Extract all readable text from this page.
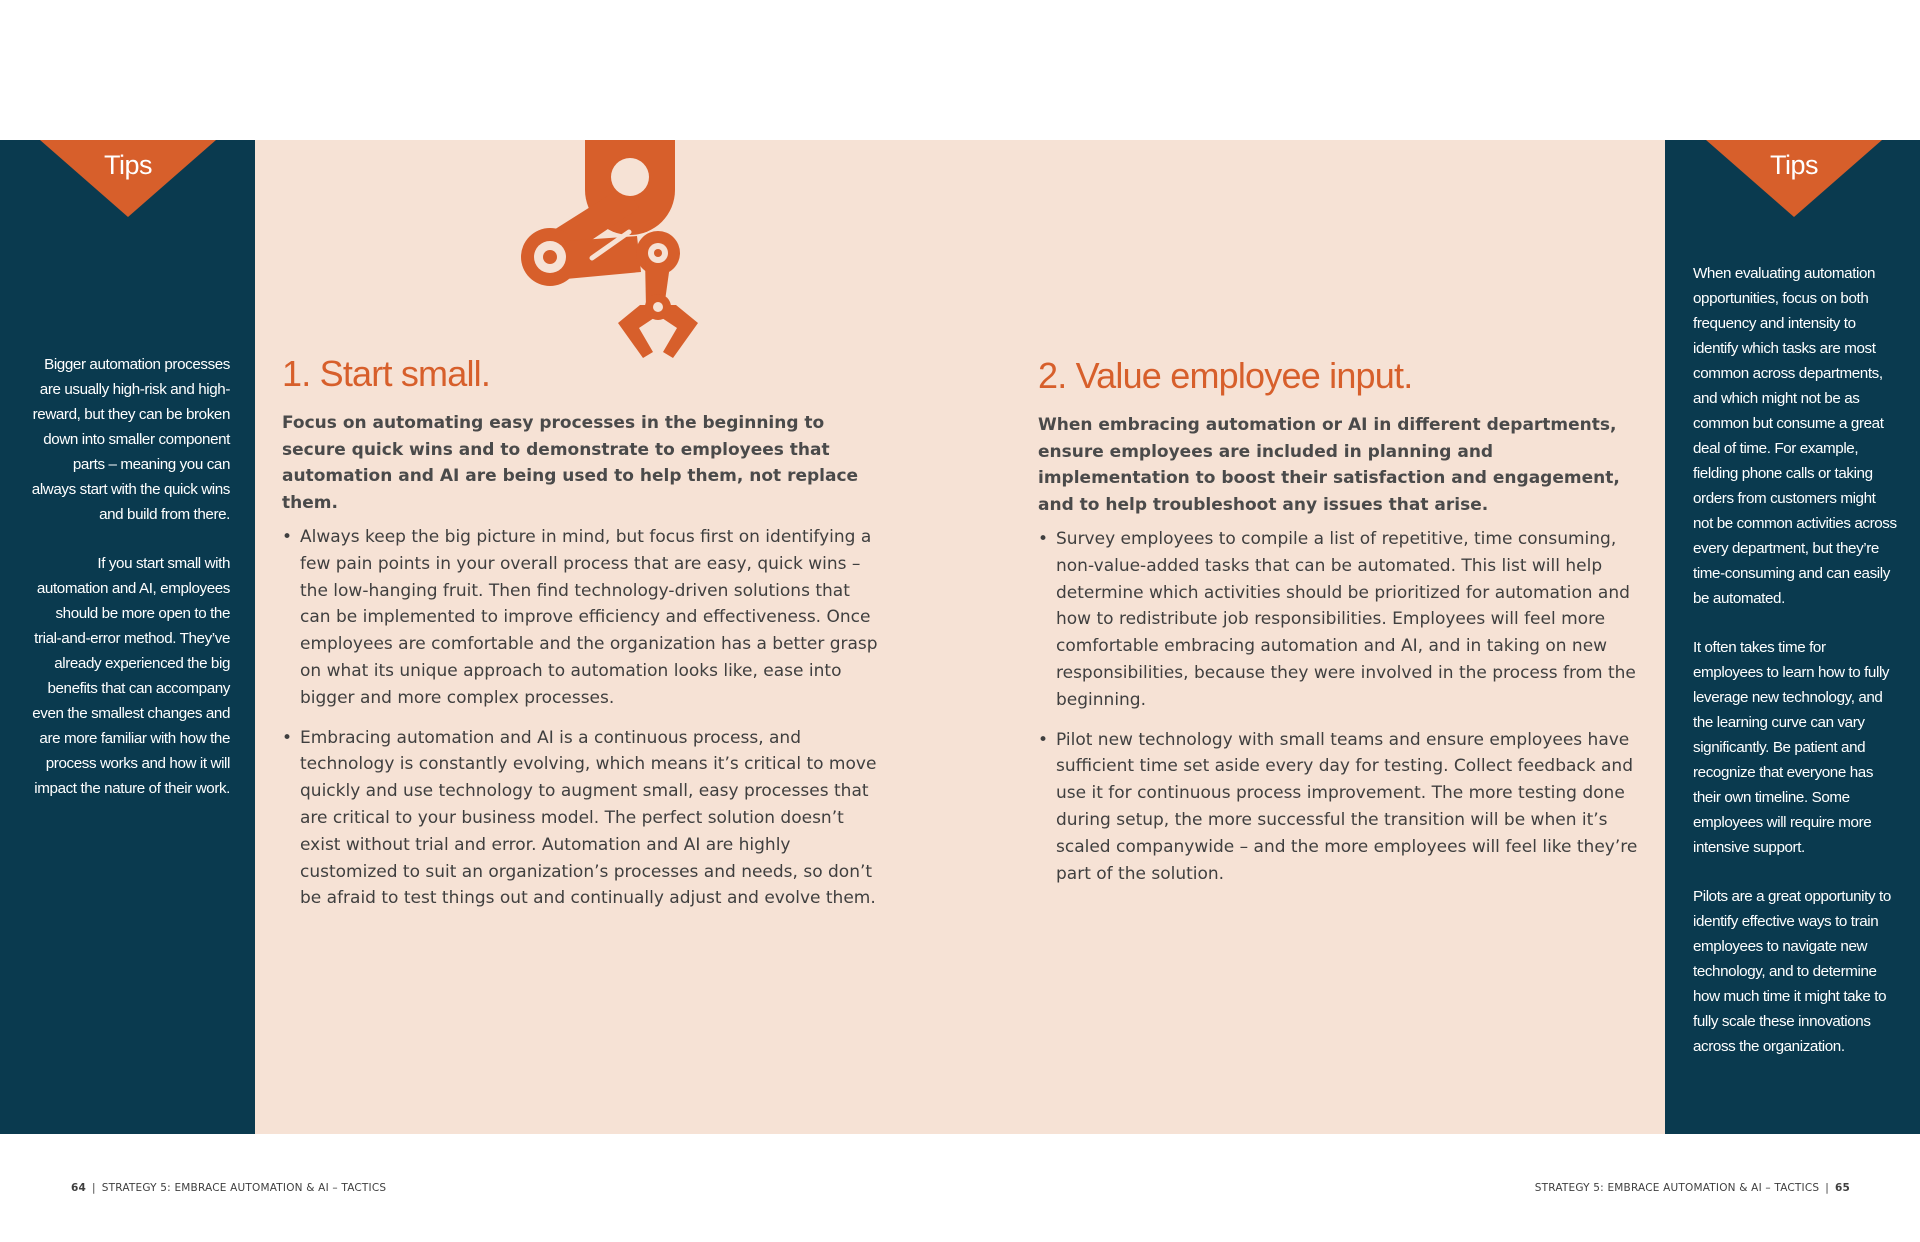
Tips

Bigger automation processes are usually high-risk and high-reward, but they can be broken down into smaller component parts – meaning you can always start with the quick wins and build from there.

If you start small with automation and AI, employees should be more open to the trial-and-error method. They’ve already experienced the big benefits that can accompany even the smallest changes and are more familiar with how the process works and how it will impact the nature of their work.

Tips

When evaluating automation opportunities, focus on both frequency and intensity to identify which tasks are most common across departments, and which might not be as common but consume a great deal of time. For example, fielding phone calls or taking orders from customers might not be common activities across every department, but they’re time-consuming and can easily be automated.

It often takes time for employees to learn how to fully leverage new technology, and the learning curve can vary significantly. Be patient and recognize that everyone has their own timeline. Some employees will require more intensive support.

Pilots are a great opportunity to identify effective ways to train employees to navigate new technology, and to determine how much time it might take to fully scale these innovations across the organization.

1. Start small.

Focus on automating easy processes in the beginning to secure quick wins and to demonstrate to employees that automation and AI are being used to help them, not replace them.

• Always keep the big picture in mind, but focus first on identifying a few pain points in your overall process that are easy, quick wins – the low-hanging fruit. Then find technology-driven solutions that can be implemented to improve efficiency and effectiveness. Once employees are comfortable and the organization has a better grasp on what its unique approach to automation looks like, ease into bigger and more complex processes.
• Embracing automation and AI is a continuous process, and technology is constantly evolving, which means it’s critical to move quickly and use technology to augment small, easy processes that are critical to your business model. The perfect solution doesn’t exist without trial and error. Automation and AI are highly customized to suit an organization’s processes and needs, so don’t be afraid to test things out and continually adjust and evolve them.
2. Value employee input.

When embracing automation or AI in different departments, ensure employees are included in planning and implementation to boost their satisfaction and engagement, and to help troubleshoot any issues that arise.

• Survey employees to compile a list of repetitive, time consuming, non-value-added tasks that can be automated. This list will help determine which activities should be prioritized for automation and how to redistribute job responsibilities. Employees will feel more comfortable embracing automation and AI, and in taking on new responsibilities, because they were involved in the process from the beginning.
• Pilot new technology with small teams and ensure employees have sufficient time set aside every day for testing. Collect feedback and use it for continuous process improvement. The more testing done during setup, the more successful the transition will be when it’s scaled companywide – and the more employees will feel like they’re part of the solution.
64 | STRATEGY 5: EMBRACE AUTOMATION & AI – TACTICS	STRATEGY 5: EMBRACE AUTOMATION & AI – TACTICS | 65
